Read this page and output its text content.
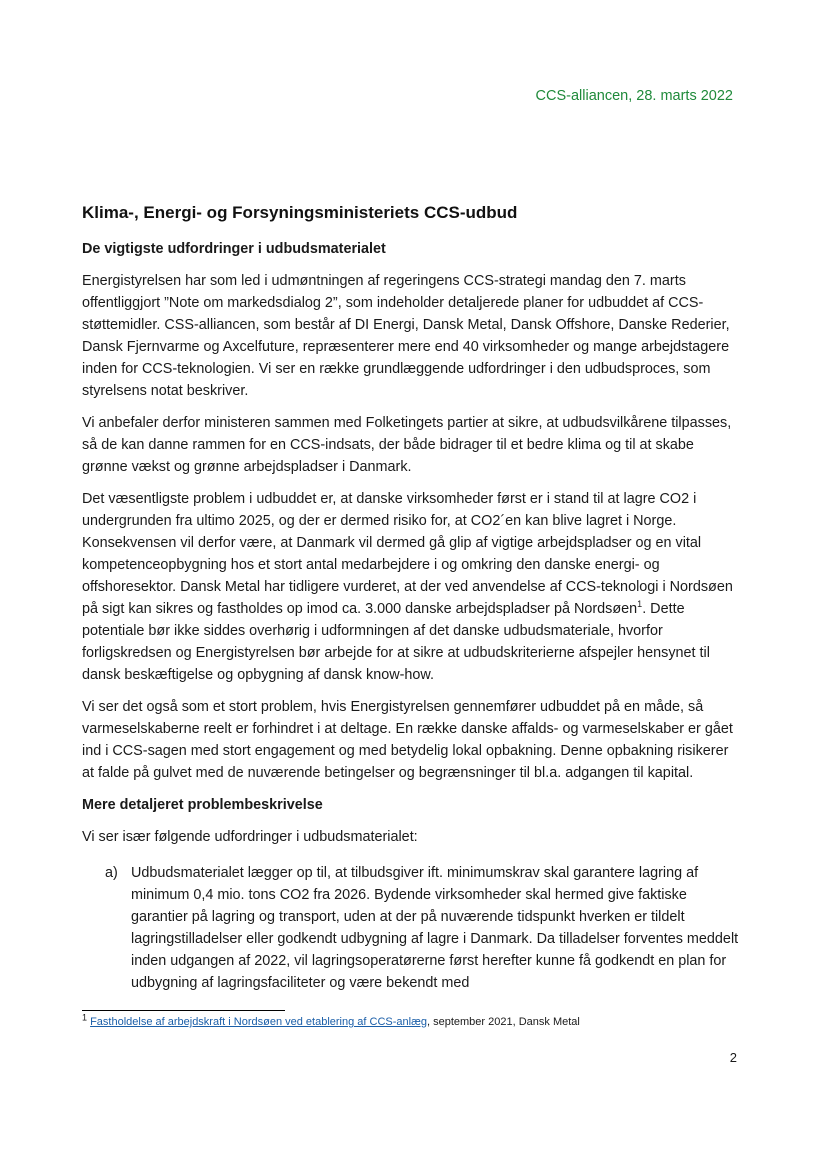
CCS-alliancen, 28. marts 2022
Klima-, Energi- og Forsyningsministeriets CCS-udbud

De vigtigste udfordringer i udbudsmaterialet

Energistyrelsen har som led i udmøntningen af regeringens CCS-strategi mandag den 7. marts offentliggjort ”Note om markedsdialog 2”, som indeholder detaljerede planer for udbuddet af CCS-støttemidler. CSS-alliancen, som består af DI Energi, Dansk Metal, Dansk Offshore, Danske Rederier, Dansk Fjernvarme og Axcelfuture, repræsenterer mere end 40 virksomheder og mange arbejdstagere inden for CCS-teknologien. Vi ser en række grundlæggende udfordringer i den udbudsproces, som styrelsens notat beskriver.

Vi anbefaler derfor ministeren sammen med Folketingets partier at sikre, at udbudsvilkårene tilpasses, så de kan danne rammen for en CCS-indsats, der både bidrager til et bedre klima og til at skabe grønne vækst og grønne arbejdspladser i Danmark.

Det væsentligste problem i udbuddet er, at danske virksomheder først er i stand til at lagre CO2 i undergrunden fra ultimo 2025, og der er dermed risiko for, at CO2´en kan blive lagret i Norge. Konsekvensen vil derfor være, at Danmark vil dermed gå glip af vigtige arbejdspladser og en vital kompetenceopbygning hos et stort antal medarbejdere i og omkring den danske energi- og offshoresektor. Dansk Metal har tidligere vurderet, at der ved anvendelse af CCS-teknologi i Nordsøen på sigt kan sikres og fastholdes op imod ca. 3.000 danske arbejdspladser på Nordsøen$^1$. Dette potentiale bør ikke siddes overhørig i udformningen af det danske udbudsmateriale, hvorfor forligskredsen og Energistyrelsen bør arbejde for at sikre at udbudskriterierne afspejler hensynet til dansk beskæftigelse og opbygning af dansk know-how.

Vi ser det også som et stort problem, hvis Energistyrelsen gennemfører udbuddet på en måde, så varmeselskaberne reelt er forhindret i at deltage. En række danske affalds- og varmeselskaber er gået ind i CCS-sagen med stort engagement og med betydelig lokal opbakning. Denne opbakning risikerer at falde på gulvet med de nuværende betingelser og begrænsninger til bl.a. adgangen til kapital.

Mere detaljeret problembeskrivelse

Vi ser især følgende udfordringer i udbudsmaterialet:

a) Udbudsmaterialet lægger op til, at tilbudsgiver ift. minimumskrav skal garantere lagring af minimum 0,4 mio. tons CO2 fra 2026. Bydende virksomheder skal hermed give faktiske garantier på lagring og transport, uden at der på nuværende tidspunkt hverken er tildelt lagringstilladelser eller godkendt udbygning af lagre i Danmark. Da tilladelser forventes meddelt inden udgangen af 2022, vil lagringsoperatørerne først herefter kunne få godkendt en plan for udbygning af lagringsfaciliteter og være bekendt med
$^1$ Fastholdelse af arbejdskraft i Nordsøen ved etablering af CCS-anlæg, september 2021, Dansk Metal
2
